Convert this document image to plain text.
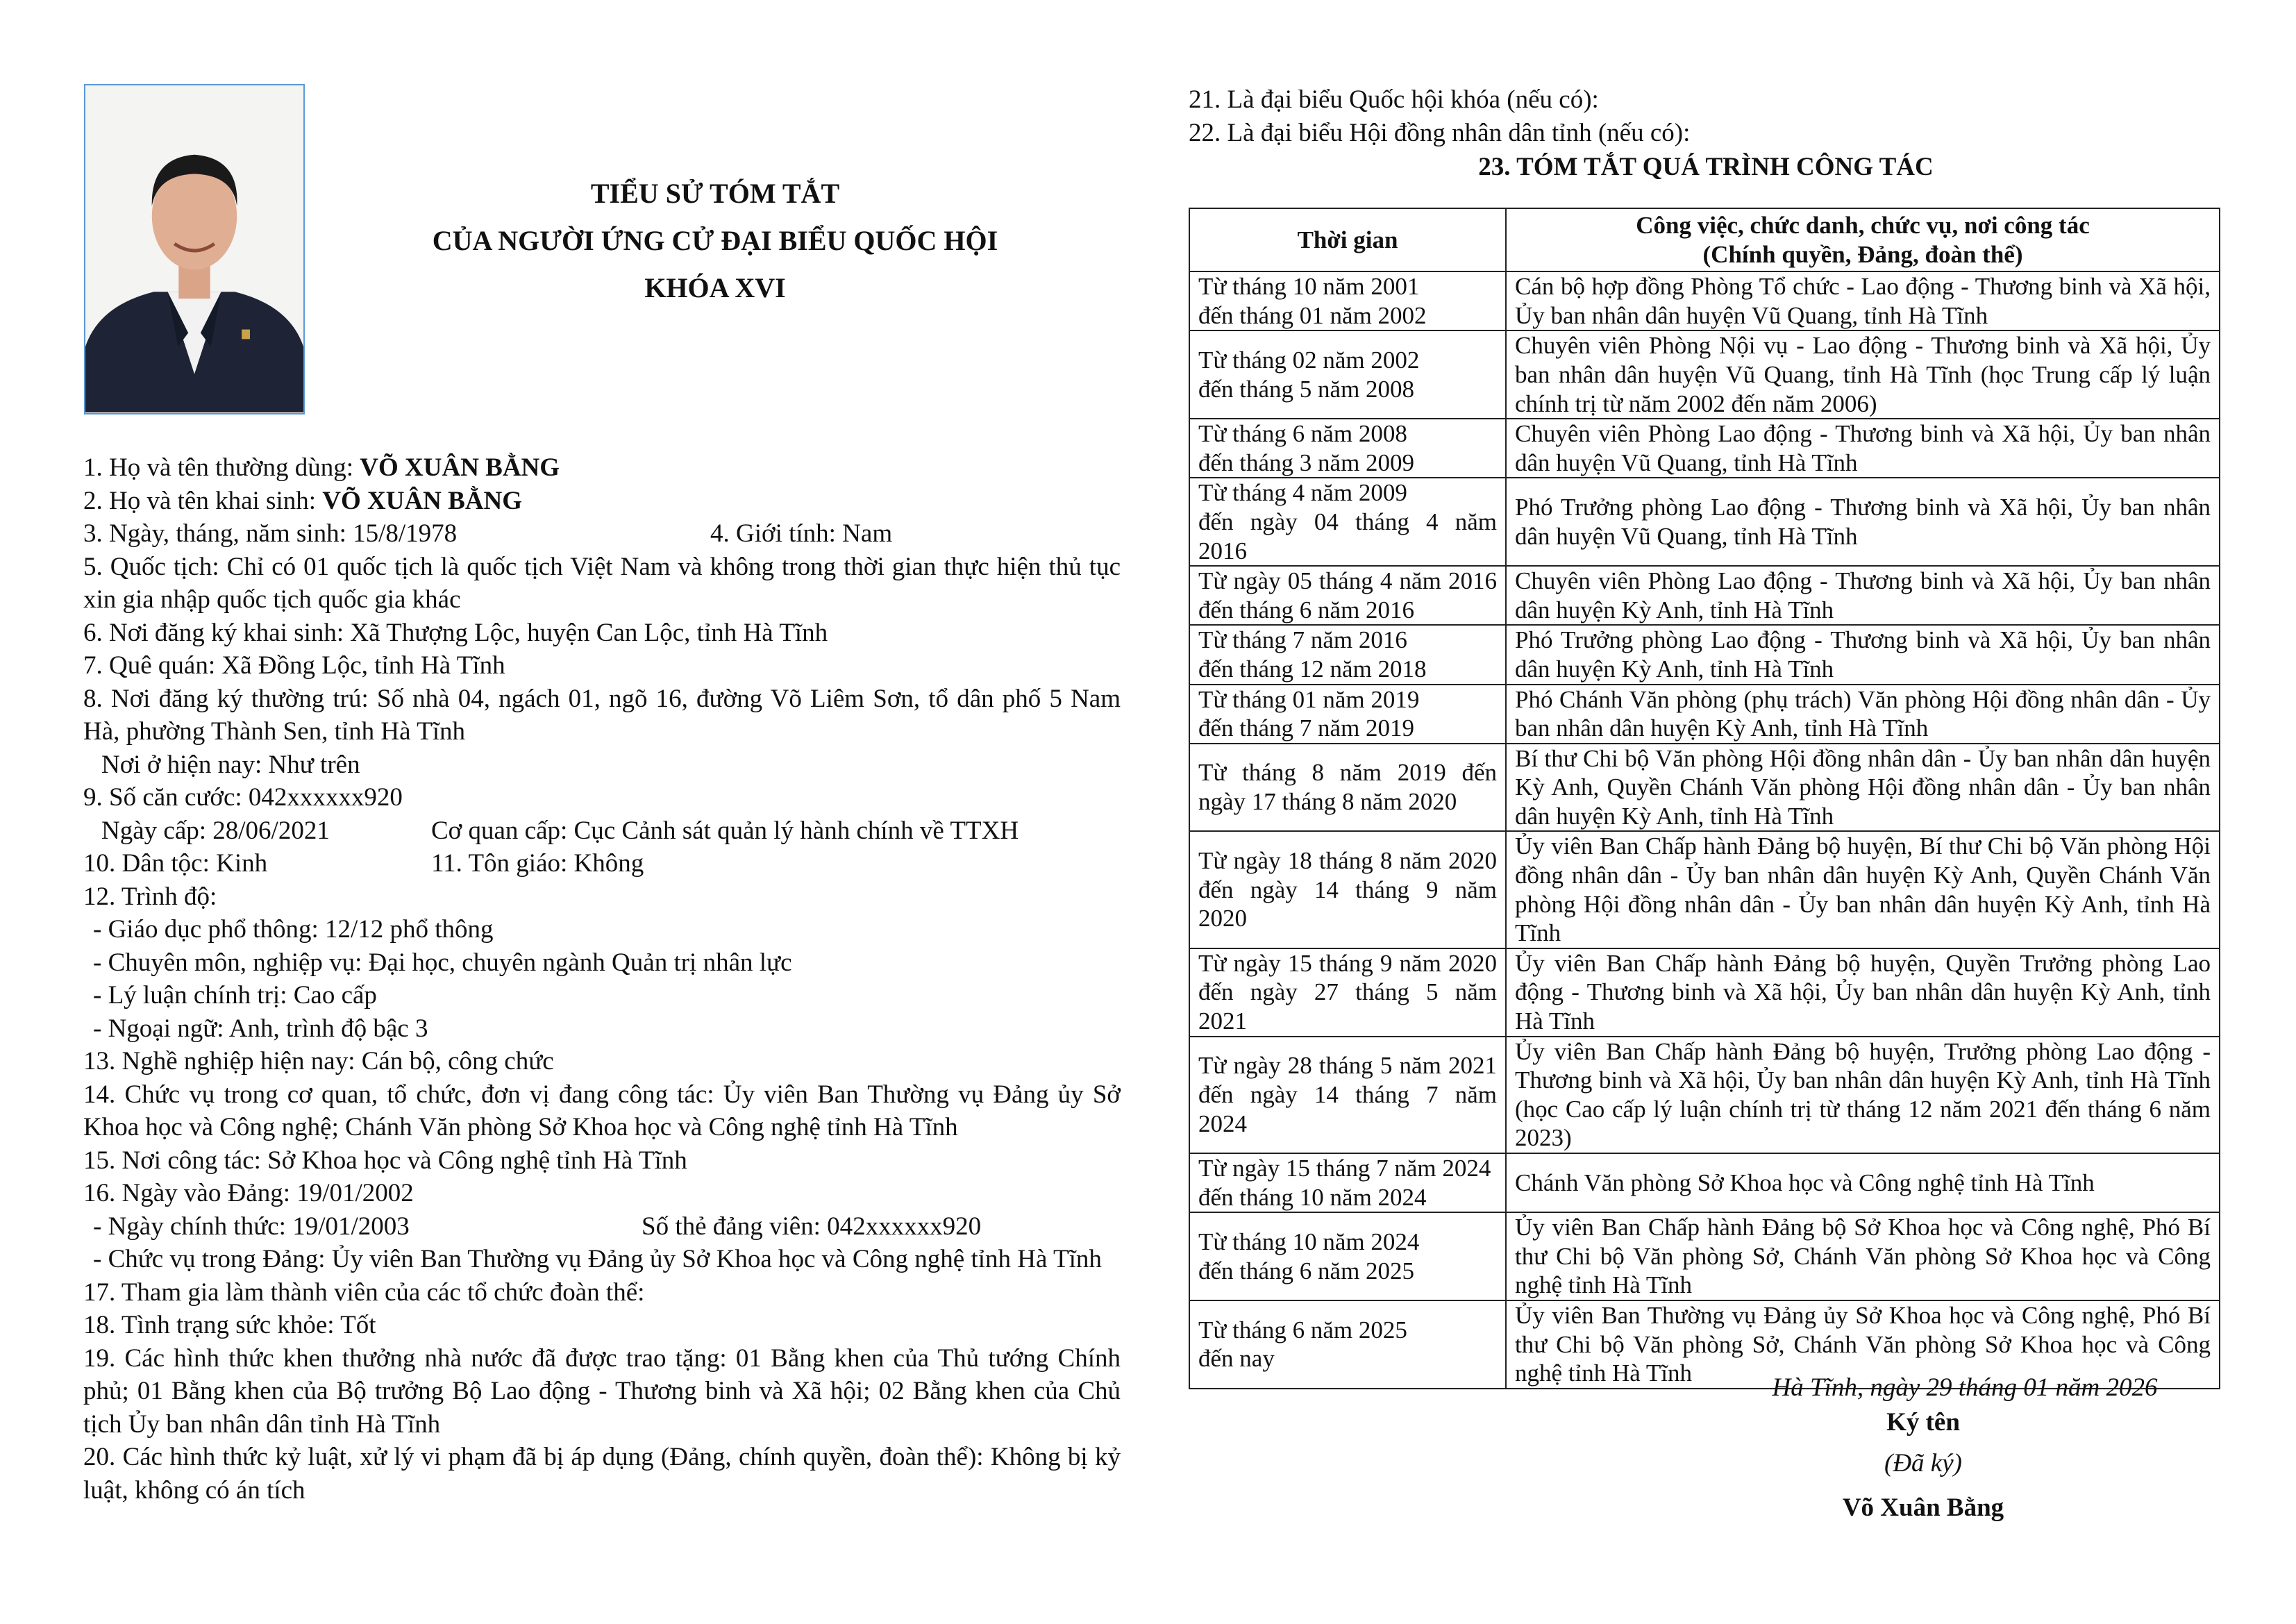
TIỂU SỬ TÓM TẮT
CỦA NGƯỜI ỨNG CỬ ĐẠI BIỂU QUỐC HỘI
KHÓA XVI

1. Họ và tên thường dùng: VÕ XUÂN BẰNG

2. Họ và tên khai sinh: VÕ XUÂN BẰNG

3. Ngày, tháng, năm sinh: 15/8/1978	4. Giới tính: Nam

5. Quốc tịch: Chỉ có 01 quốc tịch là quốc tịch Việt Nam và không trong thời gian thực hiện thủ tục xin gia nhập quốc tịch quốc gia khác

6. Nơi đăng ký khai sinh: Xã Thượng Lộc, huyện Can Lộc, tỉnh Hà Tĩnh

7. Quê quán: Xã Đồng Lộc, tỉnh Hà Tĩnh

8. Nơi đăng ký thường trú: Số nhà 04, ngách 01, ngõ 16, đường Võ Liêm Sơn, tổ dân phố 5 Nam Hà, phường Thành Sen, tỉnh Hà Tĩnh

Nơi ở hiện nay: Như trên

9. Số căn cước: 042xxxxxx920

Ngày cấp: 28/06/2021	Cơ quan cấp: Cục Cảnh sát quản lý hành chính về TTXH
10. Dân tộc: Kinh	11. Tôn giáo: Không

12. Trình độ:

- Giáo dục phổ thông: 12/12 phổ thông

- Chuyên môn, nghiệp vụ: Đại học, chuyên ngành Quản trị nhân lực

- Lý luận chính trị: Cao cấp

- Ngoại ngữ: Anh, trình độ bậc 3

13. Nghề nghiệp hiện nay: Cán bộ, công chức

14. Chức vụ trong cơ quan, tổ chức, đơn vị đang công tác: Ủy viên Ban Thường vụ Đảng ủy Sở Khoa học và Công nghệ; Chánh Văn phòng Sở Khoa học và Công nghệ tỉnh Hà Tĩnh

15. Nơi công tác: Sở Khoa học và Công nghệ tỉnh Hà Tĩnh

16. Ngày vào Đảng: 19/01/2002

- Ngày chính thức: 19/01/2003	Số thẻ đảng viên: 042xxxxxx920

- Chức vụ trong Đảng: Ủy viên Ban Thường vụ Đảng ủy Sở Khoa học và Công nghệ tỉnh Hà Tĩnh

17. Tham gia làm thành viên của các tổ chức đoàn thể:

18. Tình trạng sức khỏe: Tốt

19. Các hình thức khen thưởng nhà nước đã được trao tặng: 01 Bằng khen của Thủ tướng Chính phủ; 01 Bằng khen của Bộ trưởng Bộ Lao động - Thương binh và Xã hội; 02 Bằng khen của Chủ tịch Ủy ban nhân dân tỉnh Hà Tĩnh

20. Các hình thức kỷ luật, xử lý vi phạm đã bị áp dụng (Đảng, chính quyền, đoàn thể): Không bị kỷ luật, không có án tích

21. Là đại biểu Quốc hội khóa (nếu có):

22. Là đại biểu Hội đồng nhân dân tỉnh (nếu có):

23. TÓM TẮT QUÁ TRÌNH CÔNG TÁC

Thời gian	Công việc, chức danh, chức vụ, nơi công tác
(Chính quyền, Đảng, đoàn thể)

Từ tháng 10 năm 2001
đến tháng 01 năm 2002	Cán bộ hợp đồng Phòng Tổ chức - Lao động - Thương binh và Xã hội, Ủy ban nhân dân huyện Vũ Quang, tỉnh Hà Tĩnh

Từ tháng 02 năm 2002
đến tháng 5 năm 2008	Chuyên viên Phòng Nội vụ - Lao động - Thương binh và Xã hội, Ủy ban nhân dân huyện Vũ Quang, tỉnh Hà Tĩnh (học Trung cấp lý luận chính trị từ năm 2002 đến năm 2006)

Từ tháng 6 năm 2008
đến tháng 3 năm 2009	Chuyên viên Phòng Lao động - Thương binh và Xã hội, Ủy ban nhân dân huyện Vũ Quang, tỉnh Hà Tĩnh

Từ tháng 4 năm 2009
đến ngày 04 tháng 4 năm 2016	Phó Trưởng phòng Lao động - Thương binh và Xã hội, Ủy ban nhân dân huyện Vũ Quang, tỉnh Hà Tĩnh

Từ ngày 05 tháng 4 năm 2016 đến tháng 6 năm 2016	Chuyên viên Phòng Lao động - Thương binh và Xã hội, Ủy ban nhân dân huyện Kỳ Anh, tỉnh Hà Tĩnh

Từ tháng 7 năm 2016
đến tháng 12 năm 2018	Phó Trưởng phòng Lao động - Thương binh và Xã hội, Ủy ban nhân dân huyện Kỳ Anh, tỉnh Hà Tĩnh

Từ tháng 01 năm 2019
đến tháng 7 năm 2019	Phó Chánh Văn phòng (phụ trách) Văn phòng Hội đồng nhân dân - Ủy ban nhân dân huyện Kỳ Anh, tỉnh Hà Tĩnh

Từ tháng 8 năm 2019 đến ngày 17 tháng 8 năm 2020	Bí thư Chi bộ Văn phòng Hội đồng nhân dân - Ủy ban nhân dân huyện Kỳ Anh, Quyền Chánh Văn phòng Hội đồng nhân dân - Ủy ban nhân dân huyện Kỳ Anh, tỉnh Hà Tĩnh

Từ ngày 18 tháng 8 năm 2020 đến ngày 14 tháng 9 năm 2020	Ủy viên Ban Chấp hành Đảng bộ huyện, Bí thư Chi bộ Văn phòng Hội đồng nhân dân - Ủy ban nhân dân huyện Kỳ Anh, Quyền Chánh Văn phòng Hội đồng nhân dân - Ủy ban nhân dân huyện Kỳ Anh, tỉnh Hà Tĩnh

Từ ngày 15 tháng 9 năm 2020 đến ngày 27 tháng 5 năm 2021	Ủy viên Ban Chấp hành Đảng bộ huyện, Quyền Trưởng phòng Lao động - Thương binh và Xã hội, Ủy ban nhân dân huyện Kỳ Anh, tỉnh Hà Tĩnh

Từ ngày 28 tháng 5 năm 2021 đến ngày 14 tháng 7 năm 2024	Ủy viên Ban Chấp hành Đảng bộ huyện, Trưởng phòng Lao động - Thương binh và Xã hội, Ủy ban nhân dân huyện Kỳ Anh, tỉnh Hà Tĩnh (học Cao cấp lý luận chính trị từ tháng 12 năm 2021 đến tháng 6 năm 2023)

Từ ngày 15 tháng 7 năm 2024
đến tháng 10 năm 2024	Chánh Văn phòng Sở Khoa học và Công nghệ tỉnh Hà Tĩnh

Từ tháng 10 năm 2024
đến tháng 6 năm 2025	Ủy viên Ban Chấp hành Đảng bộ Sở Khoa học và Công nghệ, Phó Bí thư Chi bộ Văn phòng Sở, Chánh Văn phòng Sở Khoa học và Công nghệ tỉnh Hà Tĩnh

Từ tháng 6 năm 2025
đến nay	Ủy viên Ban Thường vụ Đảng ủy Sở Khoa học và Công nghệ, Phó Bí thư Chi bộ Văn phòng Sở, Chánh Văn phòng Sở Khoa học và Công nghệ tỉnh Hà Tĩnh
Hà Tĩnh, ngày 29 tháng 01 năm 2026
Ký tên
(Đã ký)
Võ Xuân Bằng
